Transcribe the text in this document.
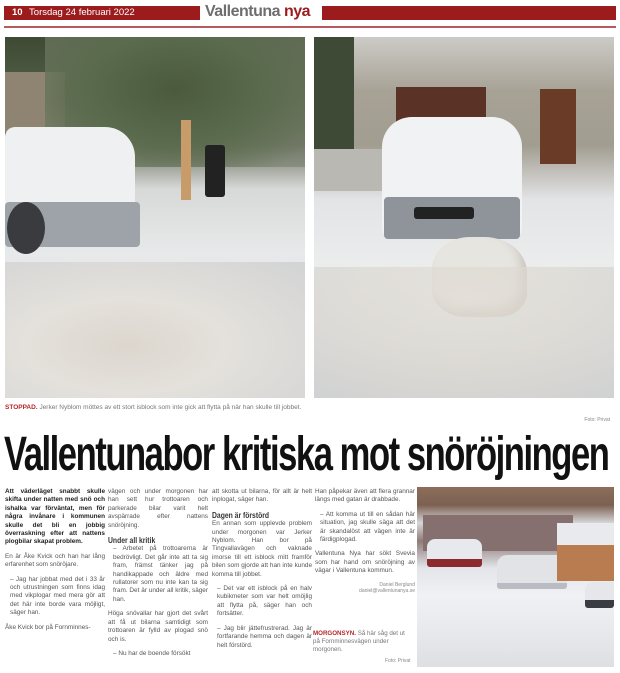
10 Torsdag 24 februari 2022	Vallentuna nya
STOPPAD. Jerker Nyblom möttes av ett stort isblock som inte gick att flytta på när han skulle till jobbet.
Foto: Privat
Vallentunabor kritiska mot snöröjningen

Att väderläget snabbt skulle skifta under natten med snö och ishalka var förväntat, men för några invånare i kommunen skulle det bli en jobbig överraskning efter att nattens plogbilar skapat problem.

En är Åke Kvick och han har lång erfarenhet som snöröjare.

– Jag har jobbat med det i 33 år och utrustningen som finns idag med vikplogar med mera gör att det här inte borde vara möjligt, säger han.

Åke Kvick bor på Fornminnes-

vägen och under morgonen har han sett hur trottoaren och parkerade bilar varit helt avspärrade efter nattens snöröjning.

Under all kritik

– Arbetet på trottoarerna är bedrövligt. Det går inte att ta sig fram, främst tänker jag på handikappade och äldre med rullatorer som nu inte kan ta sig fram. Det är under all kritik, säger han.

Höga snövallar har gjort det svårt att få ut bilarna samtidigt som trottoaren är fylld av plogad snö och is.

– Nu har de boende försökt

att skotta ut bilarna, för allt är helt inplogat, säger han.

Dagen är förstörd

En annan som upplevde problem under morgonen var Jerker Nyblom. Han bor på Tingvallavägen och vaknade imorse till ett isblock mitt framför bilen som gjorde att han inte kunde komma till jobbet.

– Det var ett isblock på en halv kubikmeter som var helt omöjlig att flytta på, säger han och fortsätter.

– Jag blir jättefrustrerad. Jag är fortfarande hemma och dagen är helt förstörd.

Han påpekar även att flera grannar längs med gatan är drabbade.

– Att komma ut till en sådan här situation, jag skulle säga att det är skandalöst att vägen inte är färdigplogad.

Vallentuna Nya har sökt Svevia som har hand om snöröjning av vägar i Vallentuna kommun.

Daniel Berglund
daniel@vallentunanya.se
MORGONSYN. Så här såg det ut på Fornminnesvägen under morgonen.
Foto: Privat
